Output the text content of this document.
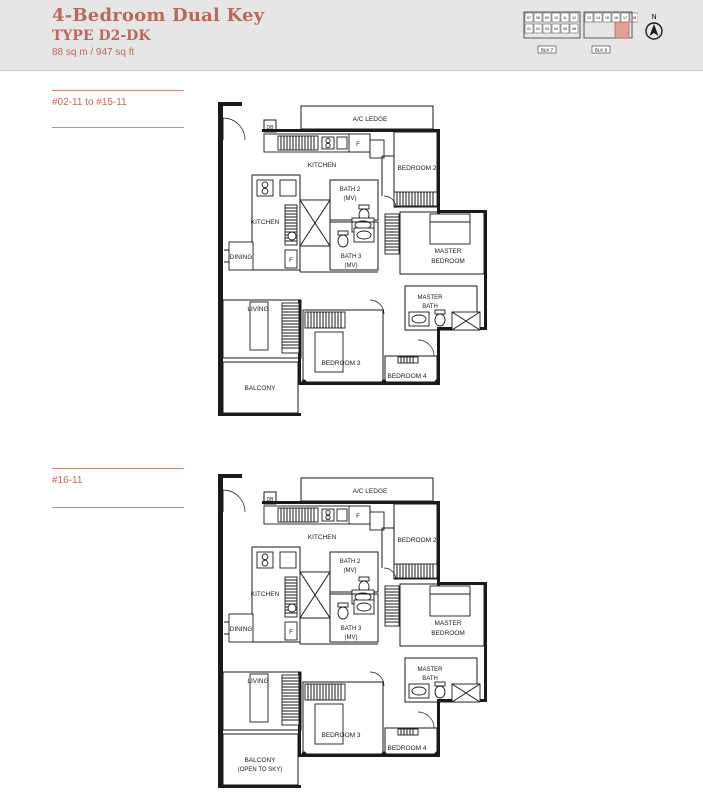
4-Bedroom Dual Key
TYPE D2-DK

88 sq m / 947 sq ft

07 08 09 10 11 12	13 14 15 16 17 18
01 02 03 04 05 06
BLK 7	BLK 9
N
#02-11 to #15-11
A/C LEDGE
DB
F
KITCHEN	BEDROOM 2
F
KITCHEN
DINING
BATH 2
(MV)
BATH 3
(MV)
MASTER
BEDROOM
MASTER
BATH
LIVING
BEDROOM 3
BEDROOM 4
BALCONY
#16-11
A/C LEDGE
DB
F
KITCHEN	BEDROOM 2
F
KITCHEN
DINING
BATH 2
(MV)
BATH 3
(MV)
MASTER
BEDROOM
MASTER
BATH
LIVING
BEDROOM 3
BEDROOM 4
BALCONY
(OPEN TO SKY)
